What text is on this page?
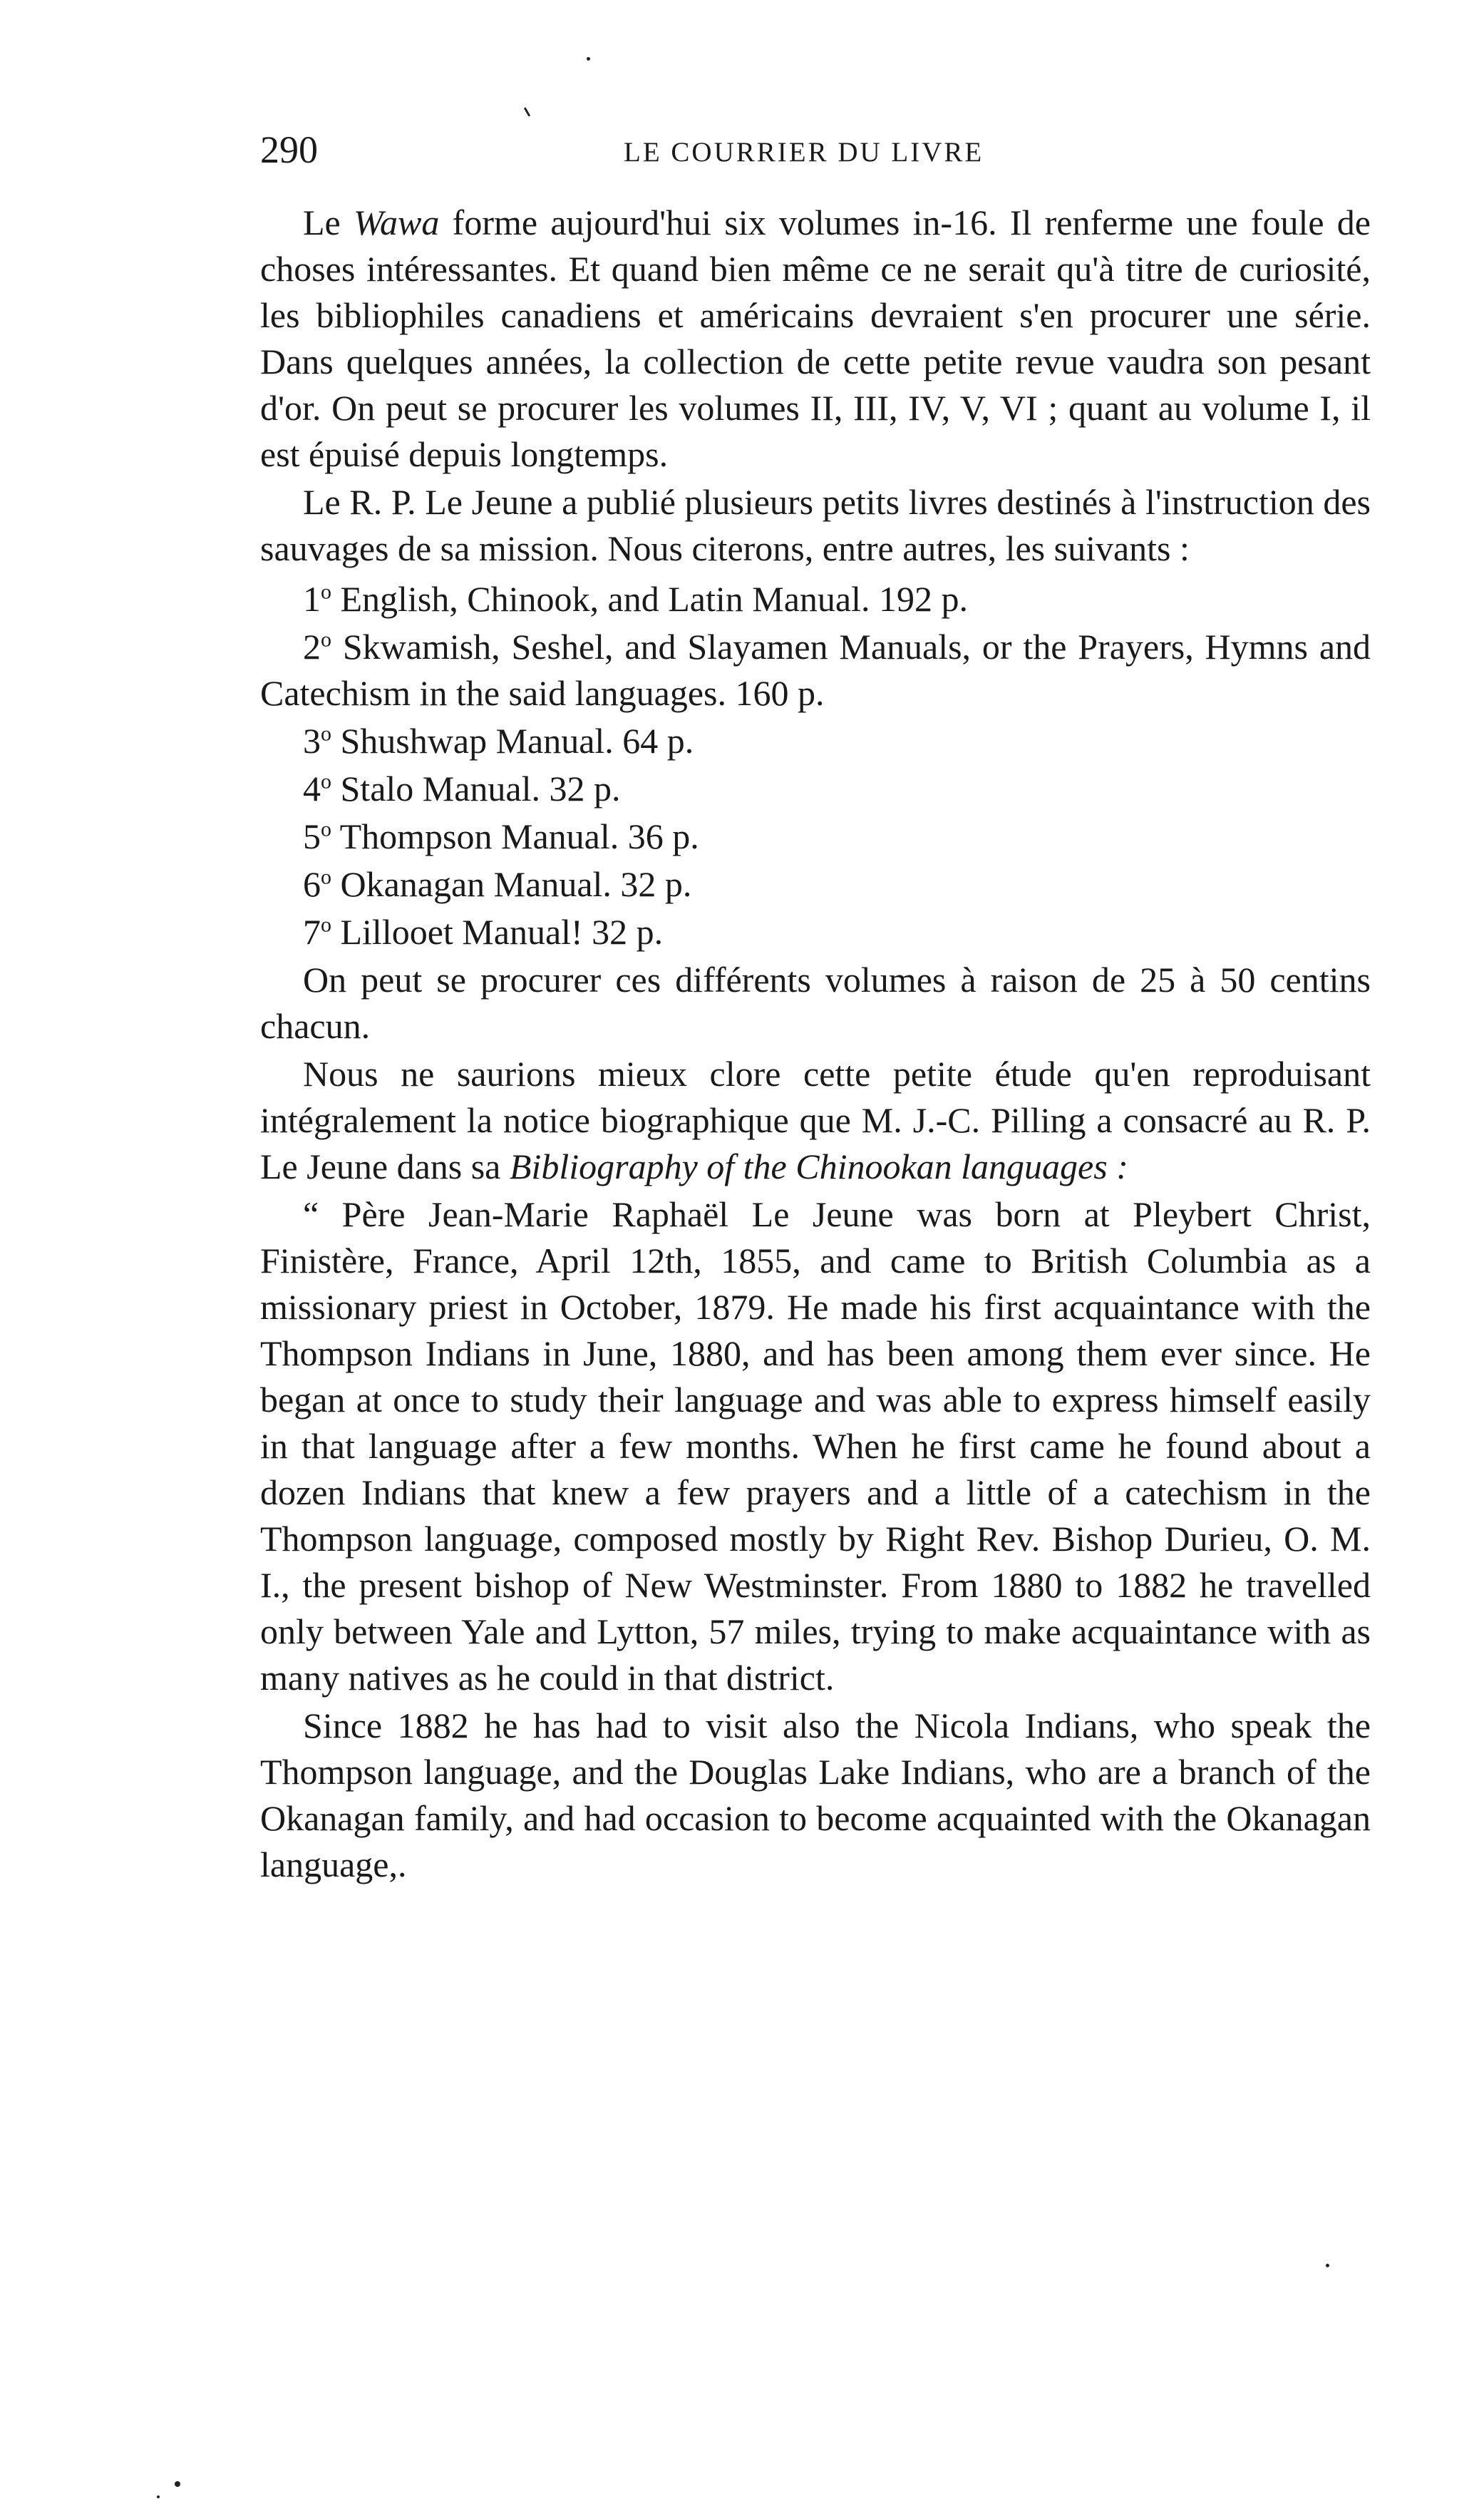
290	LE COURRIER DU LIVRE

Le Wawa forme aujourd'hui six volumes in-16. Il renferme une foule de choses intéressantes. Et quand bien même ce ne serait qu'à titre de curiosité, les bibliophiles canadiens et américains devraient s'en procurer une série. Dans quelques années, la collection de cette petite revue vaudra son pesant d'or. On peut se procurer les volumes II, III, IV, V, VI ; quant au volume I, il est épuisé depuis longtemps.

Le R. P. Le Jeune a publié plusieurs petits livres destinés à l'instruction des sauvages de sa mission. Nous citerons, entre autres, les suivants :

1$^o$ English, Chinook, and Latin Manual. 192 p.
2$^o$ Skwamish, Seshel, and Slayamen Manuals, or the Prayers, Hymns and Catechism in the said languages. 160 p.
3$^o$ Shushwap Manual. 64 p.
4$^o$ Stalo Manual. 32 p.
5$^o$ Thompson Manual. 36 p.
6$^o$ Okanagan Manual. 32 p.
7$^o$ Lillooet Manual! 32 p.

On peut se procurer ces différents volumes à raison de 25 à 50 centins chacun.

Nous ne saurions mieux clore cette petite étude qu'en reproduisant intégralement la notice biographique que M. J.-C. Pilling a consacré au R. P. Le Jeune dans sa Bibliography of the Chinookan languages :

“ Père Jean-Marie Raphaël Le Jeune was born at Pleybert Christ, Finistère, France, April 12th, 1855, and came to British Columbia as a missionary priest in October, 1879. He made his first acquaintance with the Thompson Indians in June, 1880, and has been among them ever since. He began at once to study their language and was able to express himself easily in that language after a few months. When he first came he found about a dozen Indians that knew a few prayers and a little of a catechism in the Thompson language, composed mostly by Right Rev. Bishop Durieu, O. M. I., the present bishop of New Westminster. From 1880 to 1882 he travelled only between Yale and Lytton, 57 miles, trying to make acquaintance with as many natives as he could in that district.

Since 1882 he has had to visit also the Nicola Indians, who speak the Thompson language, and the Douglas Lake Indians, who are a branch of the Okanagan family, and had occasion to become acquainted with the Okanagan language,.
